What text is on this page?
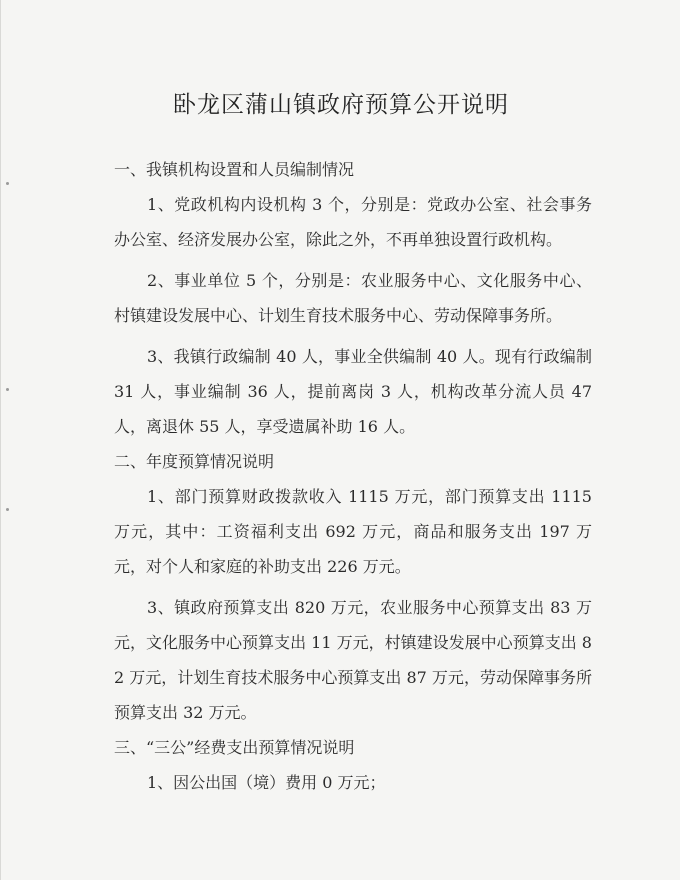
卧龙区蒲山镇政府预算公开说明
一、我镇机构设置和人员编制情况
1、党政机构内设机构 3 个，分别是：党政办公室、社会事务办公室、经济发展办公室，除此之外，不再单独设置行政机构。
2、事业单位 5 个，分别是：农业服务中心、文化服务中心、村镇建设发展中心、计划生育技术服务中心、劳动保障事务所。
3、我镇行政编制 40 人，事业全供编制 40 人。现有行政编制 31 人，事业编制 36 人，提前离岗 3 人，机构改革分流人员 47 人，离退休 55 人，享受遗属补助 16 人。
二、年度预算情况说明
1、部门预算财政拨款收入 1115 万元，部门预算支出 1115 万元，其中：工资福利支出 692 万元，商品和服务支出 197 万元，对个人和家庭的补助支出 226 万元。
3、镇政府预算支出 820 万元，农业服务中心预算支出 83 万元，文化服务中心预算支出 11 万元，村镇建设发展中心预算支出 82 万元，计划生育技术服务中心预算支出 87 万元，劳动保障事务所预算支出 32 万元。
三、“三公”经费支出预算情况说明
1、因公出国（境）费用 0 万元；
